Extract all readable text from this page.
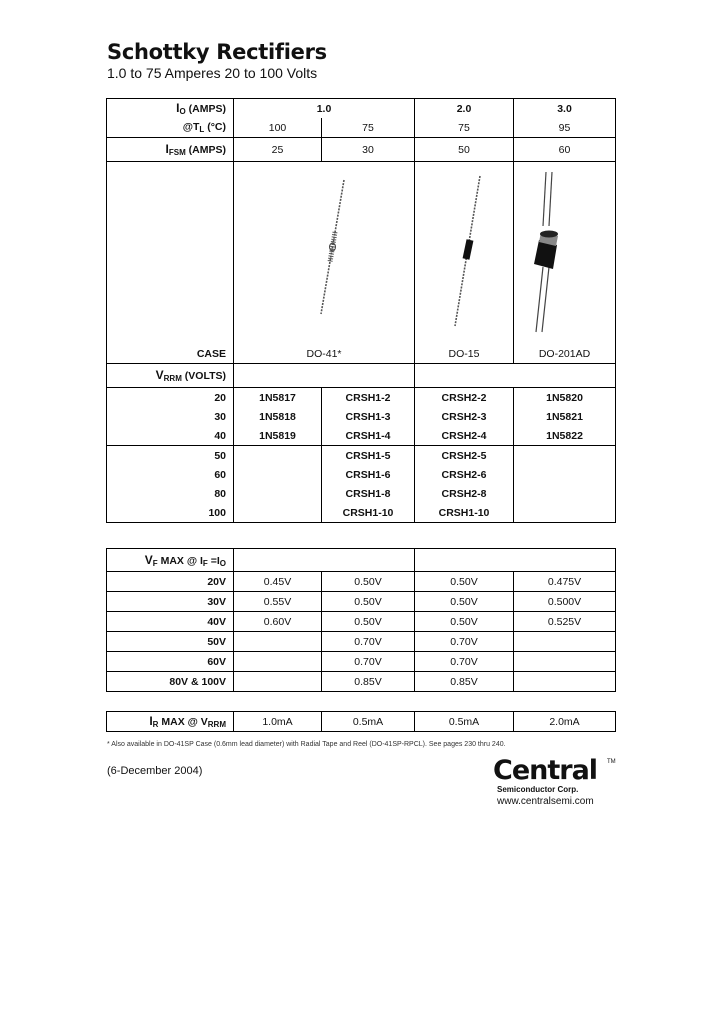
Schottky Rectifiers

1.0 to 75 Amperes 20 to 100 Volts

$I_O$ (AMPS)	1.0		2.0	3.0
$@T_L$ (°C)	100	75	75	95
$I_{FSM}$ (AMPS)	25	30	50	60
CASE	DO-41*		DO-15	DO-201AD

$V_{RRM}$ (VOLTS)				
20	1N5817	CRSH1-2	CRSH2-2	1N5820
30	1N5818	CRSH1-3	CRSH2-3	1N5821
40	1N5819	CRSH1-4	CRSH2-4	1N5822
50		CRSH1-5	CRSH2-5	
60		CRSH1-6	CRSH2-6	
80		CRSH1-8	CRSH2-8	
100		CRSH1-10	CRSH1-10	
$V_F$ MAX @ $I_F =I_O$		
20V	0.45V	0.50V	0.50V	0.475V
30V	0.55V	0.50V	0.50V	0.500V
40V	0.60V	0.50V	0.50V	0.525V
50V		0.70V	0.70V	
60V		0.70V	0.70V	
80V & 100V		0.85V	0.85V	
$I_R$ MAX @ $V_{RRM}$	1.0mA	0.5mA	0.5mA	2.0mA

* Also available in DO-41SP Case (0.6mm lead diameter) with Radial Tape and Reel (DO-41SP-RPCL). See pages 230 thru 240.

(6-December 2004)	Central TM

Semiconductor Corp.

www.centralsemi.com
